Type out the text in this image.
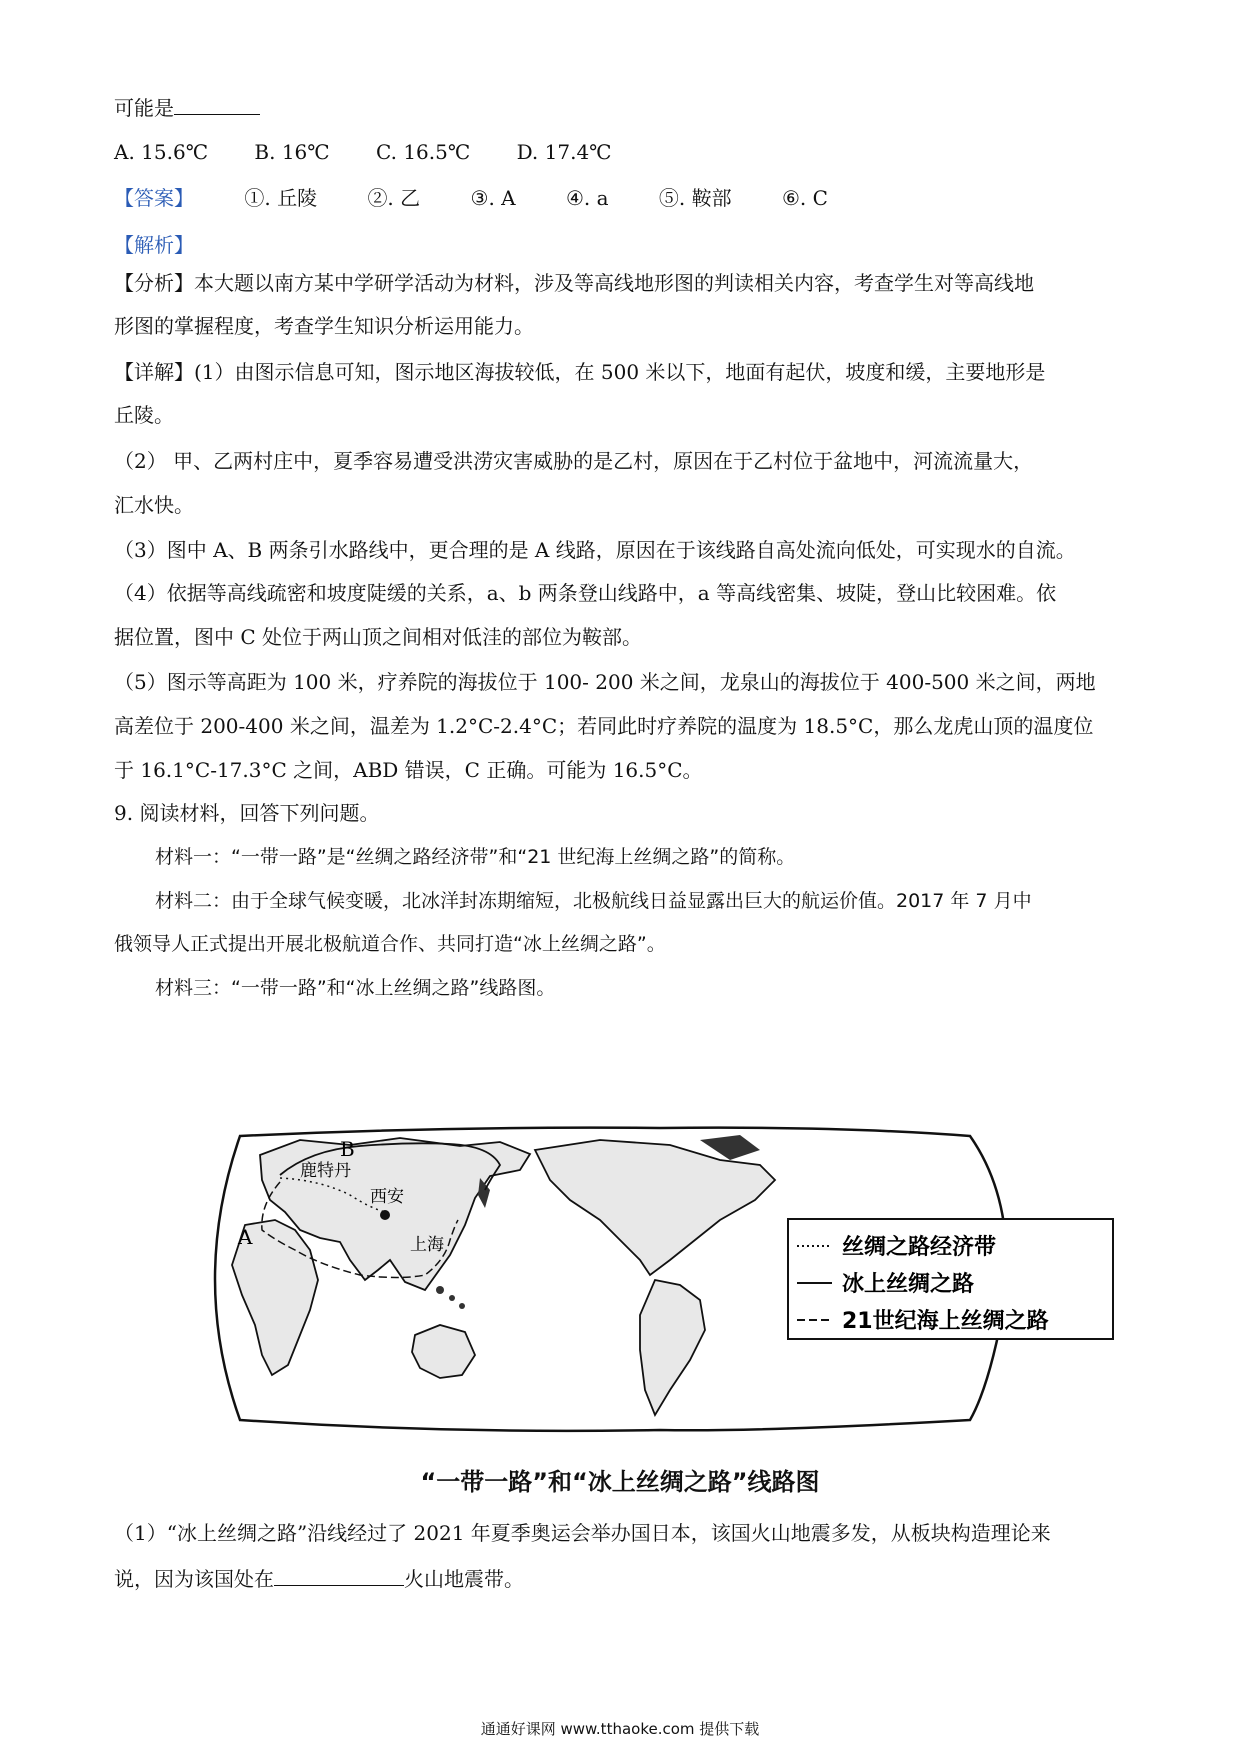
可能是
A. 15.6℃ B. 16℃ C. 16.5℃ D. 17.4℃
【答案】	①. 丘陵	②. 乙	③. A	④. a	⑤. 鞍部	⑥. C
【解析】
【分析】本大题以南方某中学研学活动为材料，涉及等高线地形图的判读相关内容，考查学生对等高线地
形图的掌握程度，考查学生知识分析运用能力。
【详解】(1）由图示信息可知，图示地区海拔较低，在 500 米以下，地面有起伏，坡度和缓，主要地形是
丘陵。
（2） 甲、乙两村庄中，夏季容易遭受洪涝灾害威胁的是乙村，原因在于乙村位于盆地中，河流流量大，
汇水快。
（3）图中 A、B 两条引水路线中，更合理的是 A 线路，原因在于该线路自高处流向低处，可实现水的自流。
（4）依据等高线疏密和坡度陡缓的关系，a、b 两条登山线路中，a 等高线密集、坡陡，登山比较困难。依
据位置，图中 C 处位于两山顶之间相对低洼的部位为鞍部。
（5）图示等高距为 100 米，疗养院的海拔位于 100- 200 米之间，龙泉山的海拔位于 400-500 米之间，两地
高差位于 200-400 米之间，温差为 1.2°C-2.4°C；若同此时疗养院的温度为 18.5°C，那么龙虎山顶的温度位
于 16.1°C-17.3°C 之间，ABD 错误，C 正确。可能为 16.5°C。
9. 阅读材料，回答下列问题。
材料一：“一带一路”是“丝绸之路经济带”和“21 世纪海上丝绸之路”的简称。
材料二：由于全球气候变暖，北冰洋封冻期缩短，北极航线日益显露出巨大的航运价值。2017 年 7 月中
俄领导人正式提出开展北极航道合作、共同打造“冰上丝绸之路”。
材料三：“一带一路”和“冰上丝绸之路”线路图。
鹿特丹
西安
上海
A
B
丝绸之路经济带
冰上丝绸之路
21世纪海上丝绸之路
“一带一路”和“冰上丝绸之路”线路图
（1）“冰上丝绸之路”沿线经过了 2021 年夏季奥运会举办国日本，该国火山地震多发，从板块构造理论来
说，因为该国处在	火山地震带。
通通好课网 www.tthaoke.com 提供下载
